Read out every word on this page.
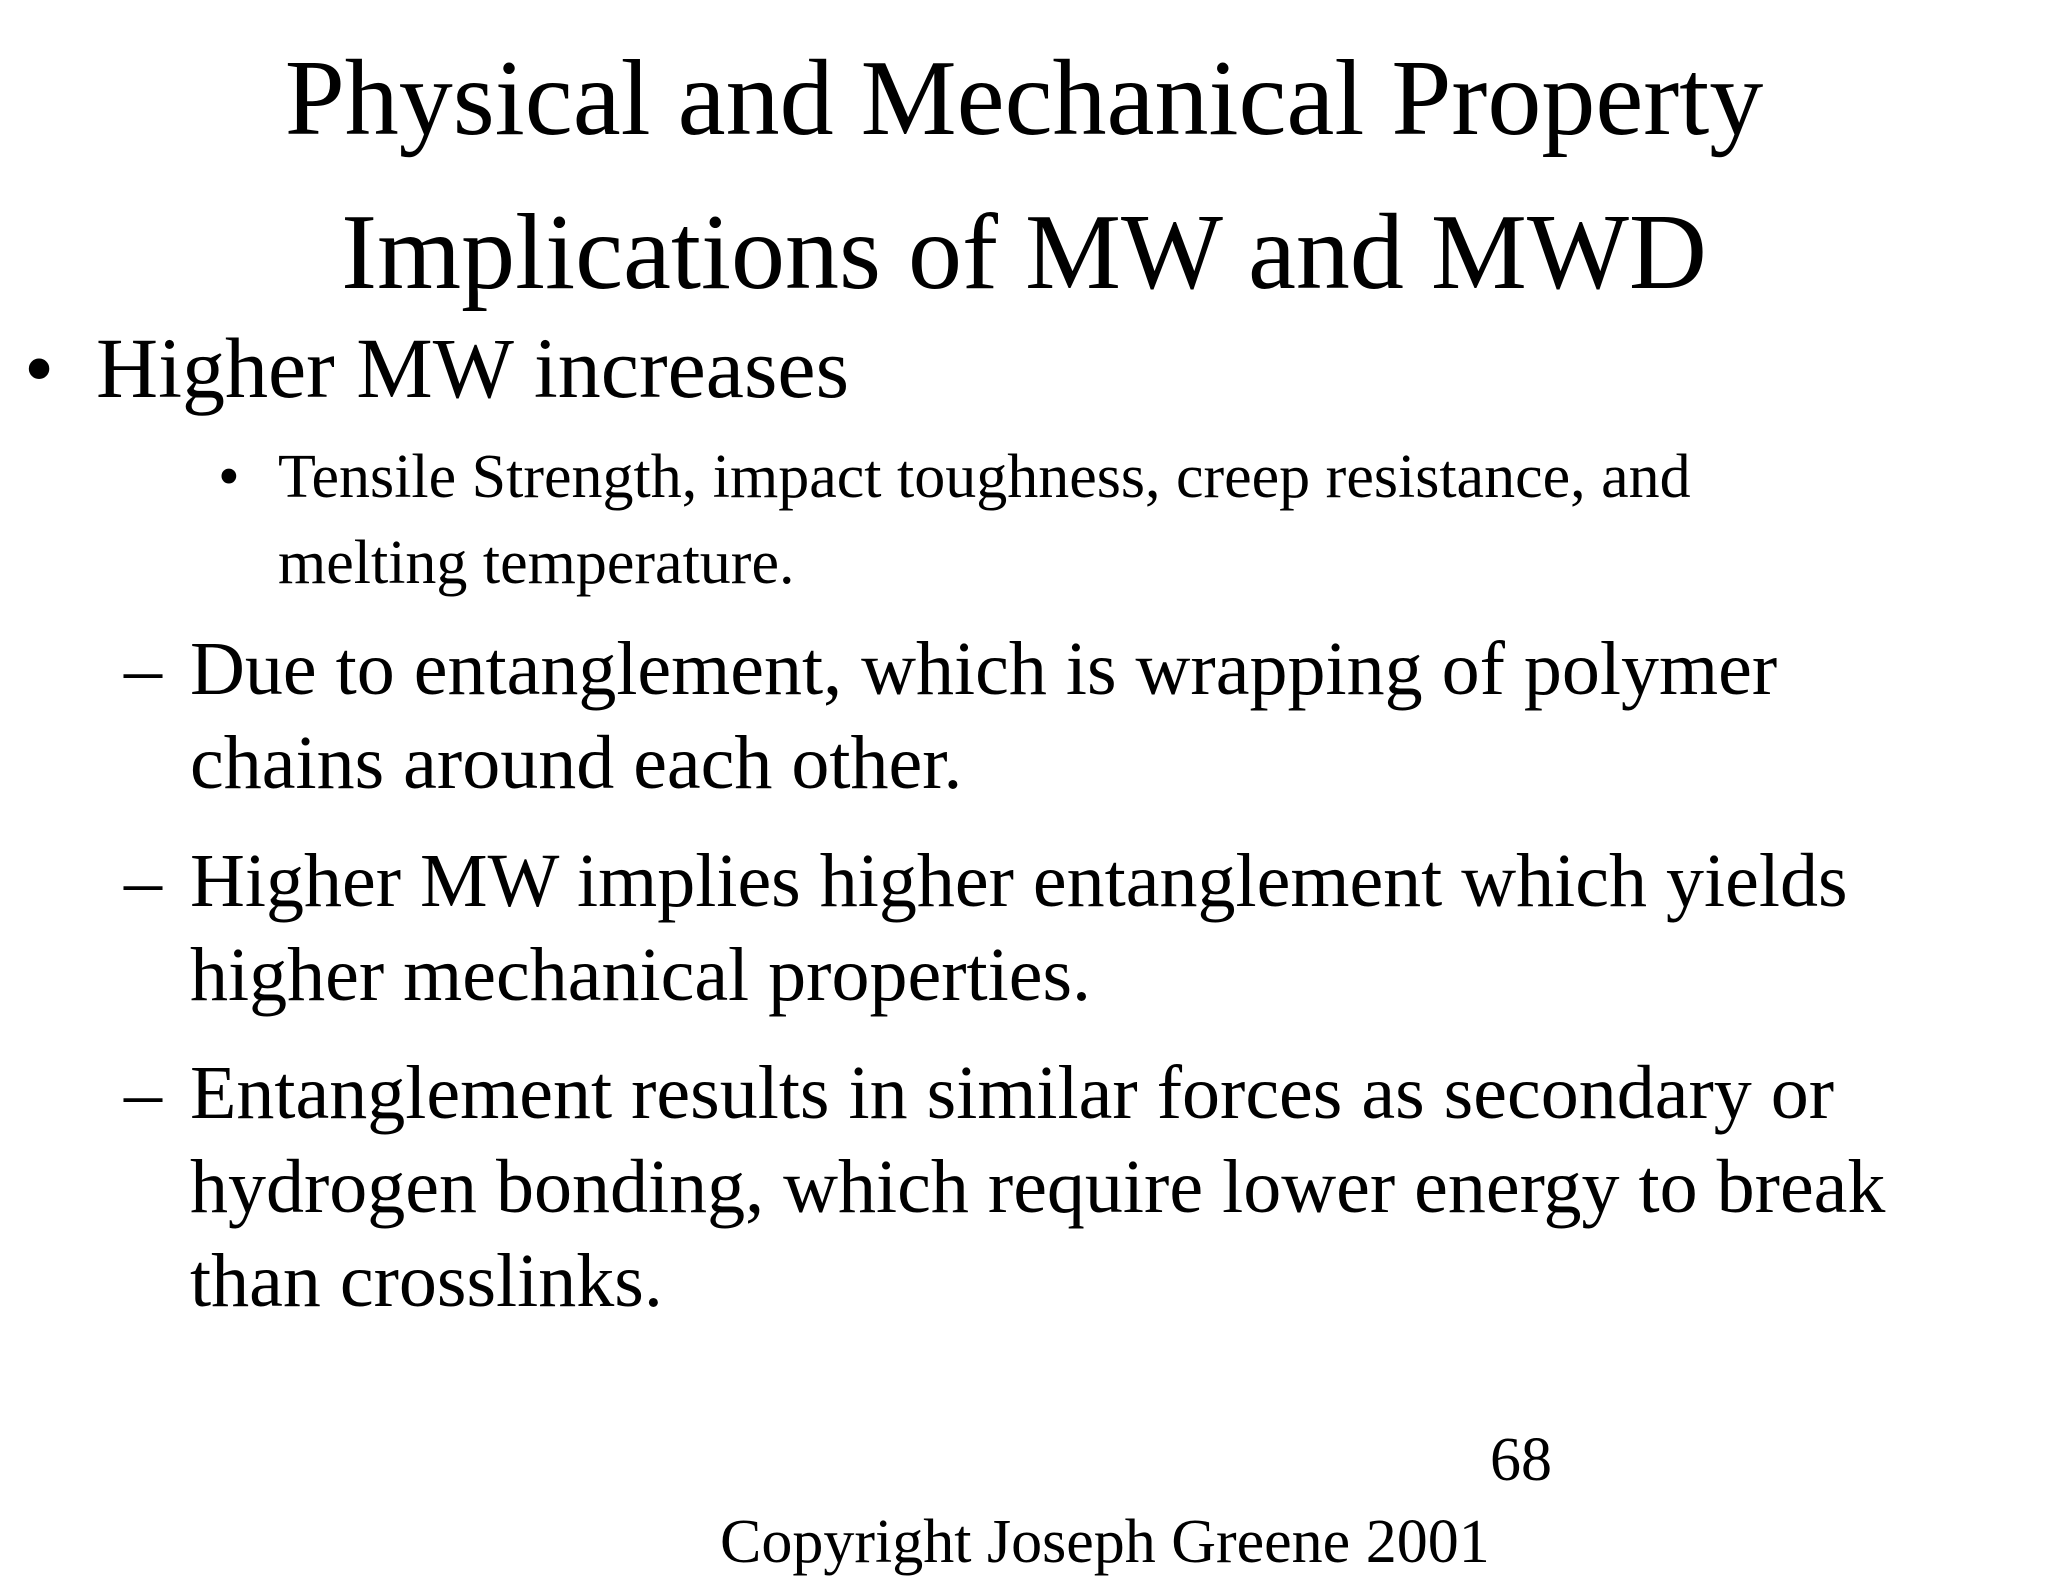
Physical and Mechanical Property
Implications of MW and MWD
• Higher MW increases
• Tensile Strength, impact toughness, creep resistance, and melting temperature.
– Due to entanglement, which is wrapping of polymer chains around each other.
– Higher MW implies higher entanglement which yields higher mechanical properties.
– Entanglement results in similar forces as secondary or hydrogen bonding, which require lower energy to break than crosslinks.
68
Copyright Joseph Greene 2001
